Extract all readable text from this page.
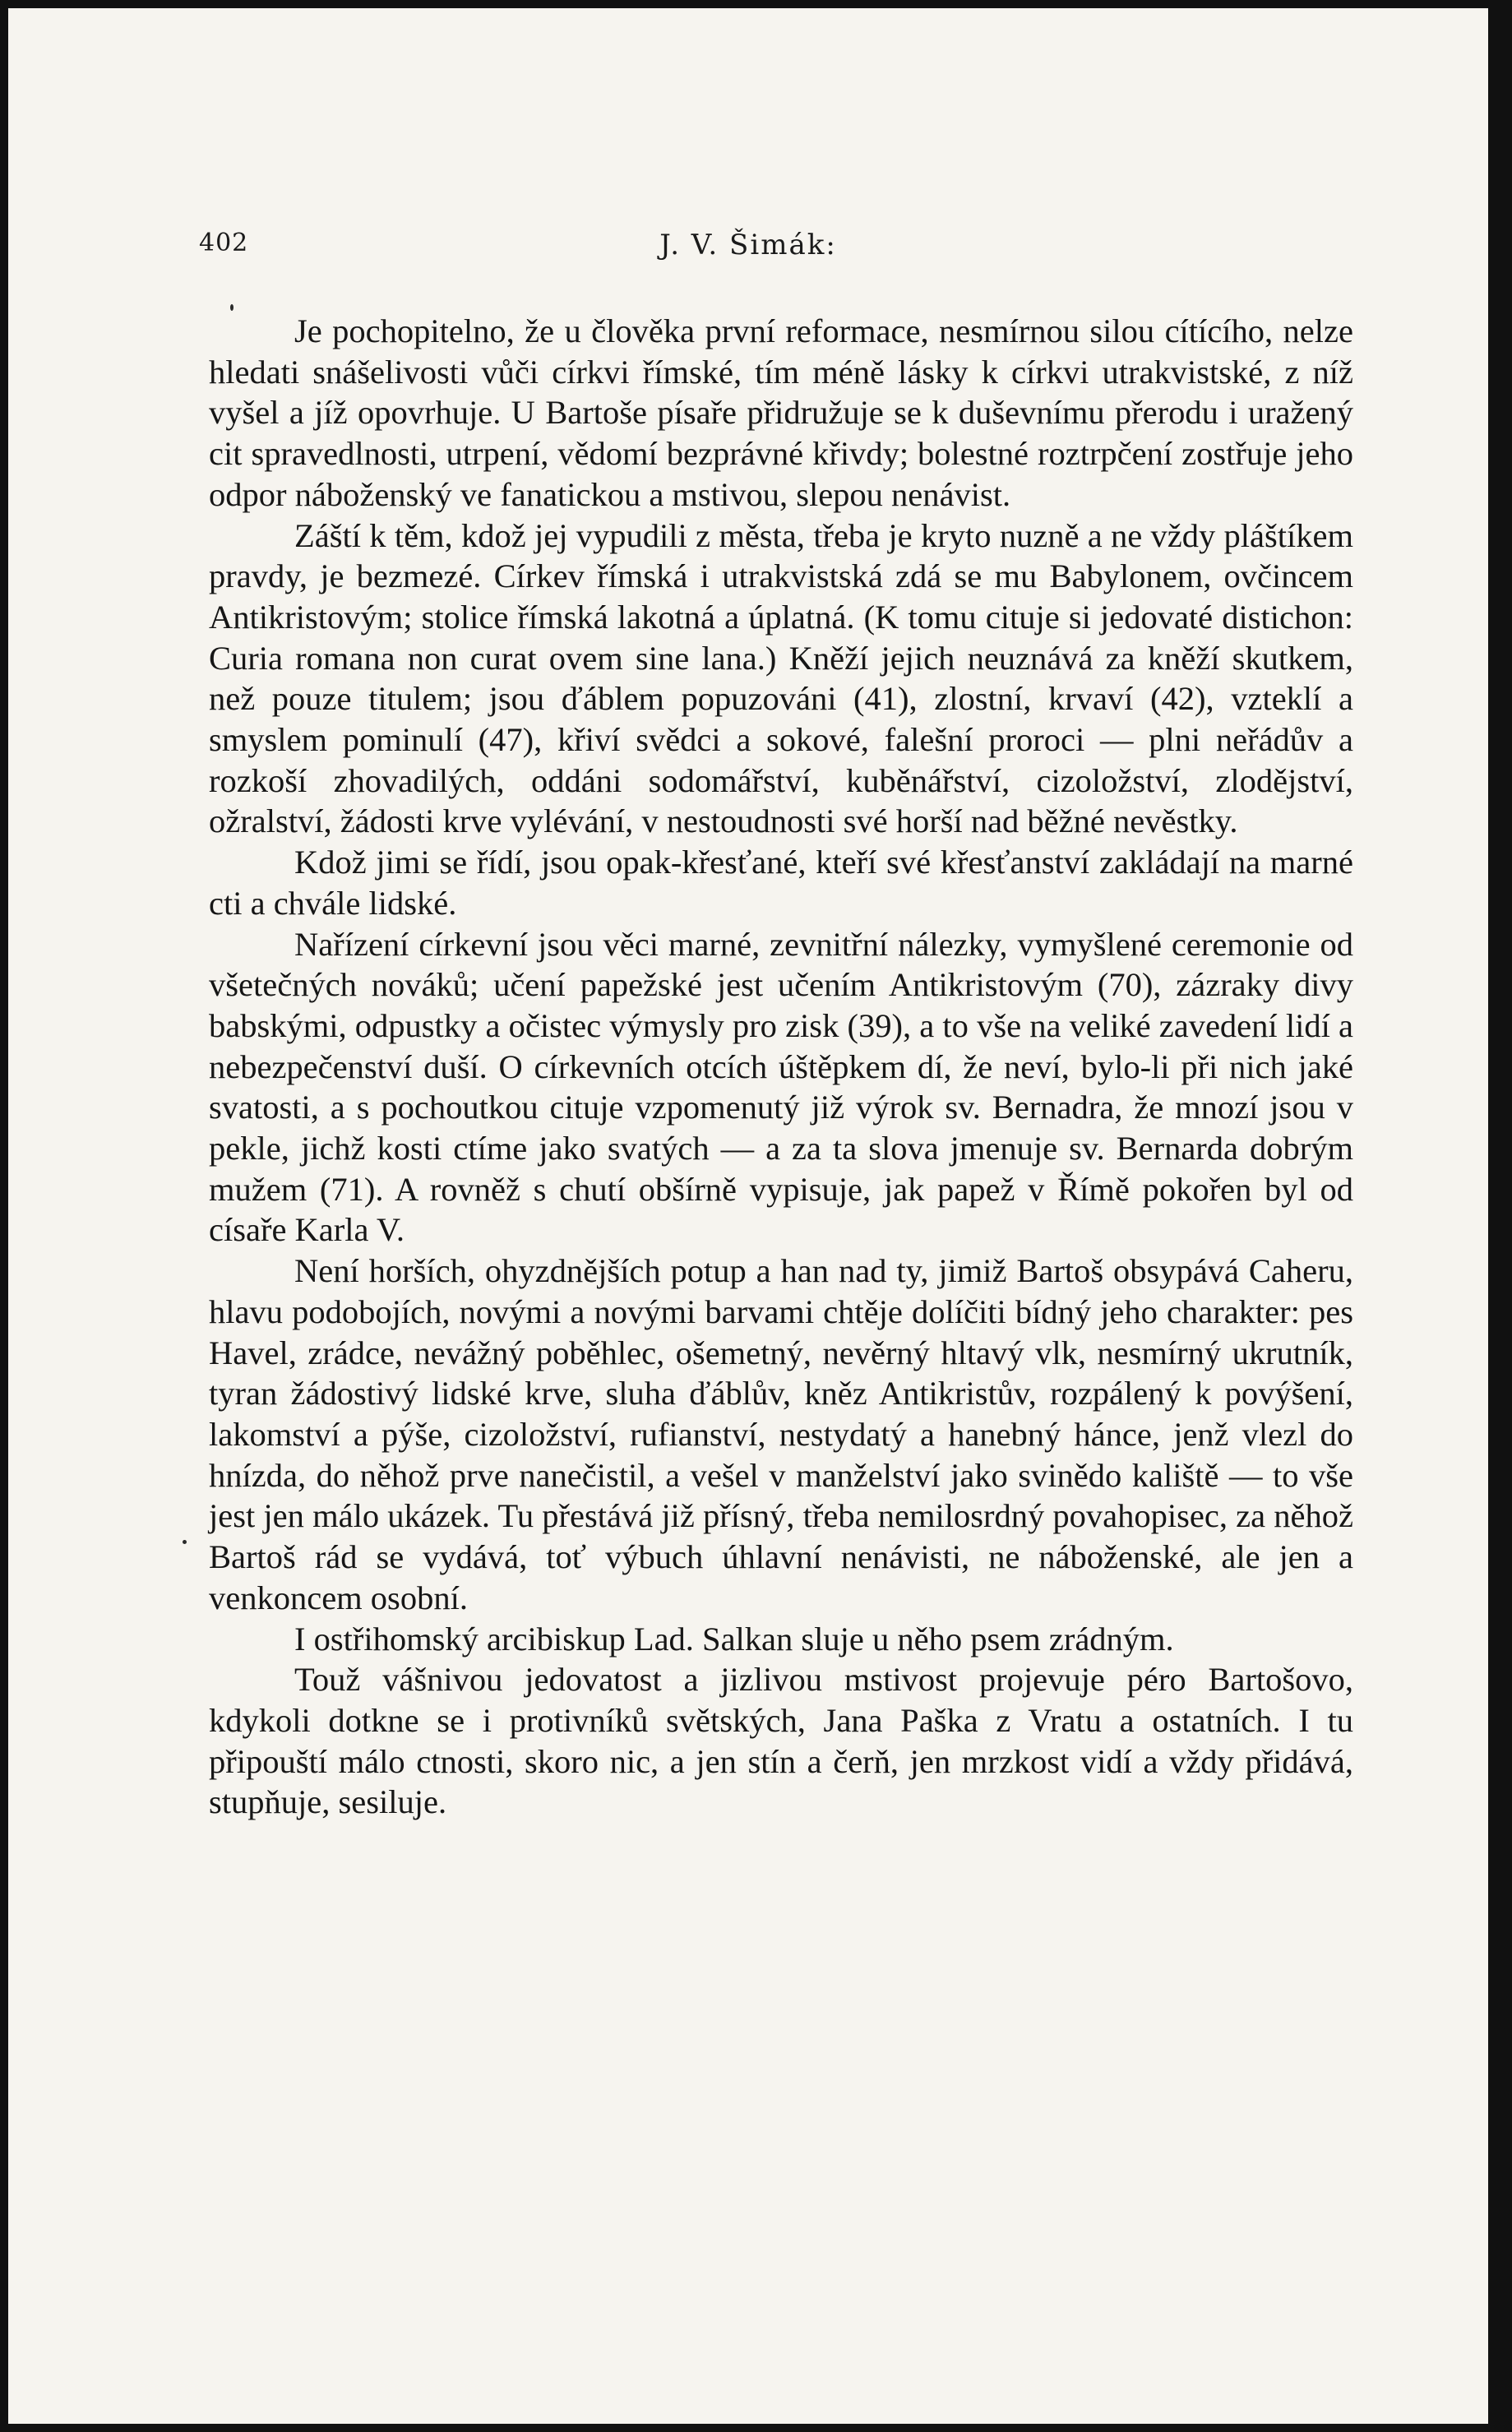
402	J. V. Šimák:

Je pochopitelno, že u člověka první reformace, nesmírnou silou cítícího, nelze hledati snášelivosti vůči církvi římské, tím méně lásky k církvi utrakvistské, z níž vyšel a jíž opovrhuje. U Bartoše písaře přidružuje se k duševnímu přerodu i uražený cit spravedlnosti, utrpení, vědomí bezprávné křivdy; bolestné roztrpčení zostřuje jeho odpor náboženský ve fanatickou a mstivou, slepou nenávist.

Záští k těm, kdož jej vypudili z města, třeba je kryto nuzně a ne vždy pláštíkem pravdy, je bezmezé. Církev římská i utrakvistská zdá se mu Babylonem, ovčincem Antikristovým; stolice římská lakotná a úplatná. (K tomu cituje si jedovaté distichon: Curia romana non curat ovem sine lana.) Kněží jejich neuznává za kněží skutkem, než pouze titulem; jsou ďáblem popuzováni (41), zlostní, krvaví (42), vzteklí a smyslem pominulí (47), křiví svědci a sokové, falešní proroci — plni neřádův a rozkoší zhovadilých, oddáni sodomářství, kuběnářství, cizoložství, zlodějství, ožralství, žádosti krve vylévání, v nestoudnosti své horší nad běžné nevěstky.

Kdož jimi se řídí, jsou opak-křesťané, kteří své křesťanství zakládají na marné cti a chvále lidské.

Nařízení církevní jsou věci marné, zevnitřní nálezky, vymyšlené ceremonie od všetečných nováků; učení papežské jest učením Antikristovým (70), zázraky divy babskými, odpustky a očistec výmysly pro zisk (39), a to vše na veliké zavedení lidí a nebezpečenství duší. O církevních otcích úštěpkem dí, že neví, bylo-li při nich jaké svatosti, a s pochoutkou cituje vzpomenutý již výrok sv. Bernadra, že mnozí jsou v pekle, jichž kosti ctíme jako svatých — a za ta slova jmenuje sv. Bernarda dobrým mužem (71). A rovněž s chutí obšírně vypisuje, jak papež v Římě pokořen byl od císaře Karla V.

Není horších, ohyzdnějších potup a han nad ty, jimiž Bartoš obsypává Caheru, hlavu podobojích, novými a novými barvami chtěje dolíčiti bídný jeho charakter: pes Havel, zrádce, nevážný poběhlec, ošemetný, nevěrný hltavý vlk, nesmírný ukrutník, tyran žádostivý lidské krve, sluha ďáblův, kněz Antikristův, rozpálený k povýšení, lakomství a pýše, cizoložství, rufianství, nestydatý a hanebný hánce, jenž vlezl do hnízda, do něhož prve nanečistil, a vešel v manželství jako svinědo kaliště — to vše jest jen málo ukázek. Tu přestává již přísný, třeba nemilosrdný povahopisec, za něhož Bartoš rád se vydává, toť výbuch úhlavní nenávisti, ne náboženské, ale jen a venkoncem osobní.

I ostřihomský arcibiskup Lad. Salkan sluje u něho psem zrádným.

Touž vášnivou jedovatost a jizlivou mstivost projevuje péro Bartošovo, kdykoli dotkne se i protivníků světských, Jana Paška z Vratu a ostatních. I tu připouští málo ctnosti, skoro nic, a jen stín a čerň, jen mrzkost vidí a vždy přidává, stupňuje, sesiluje.
